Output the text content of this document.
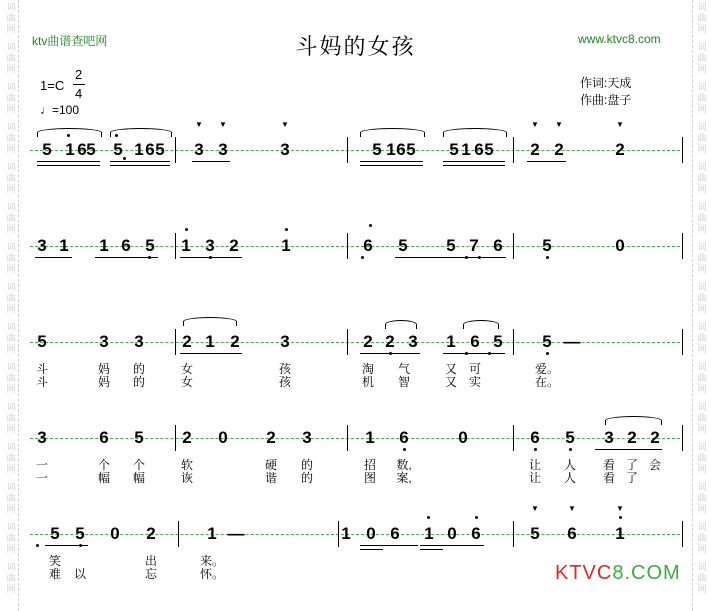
ktv曲谱查吧网	www.ktvc8.com
斗妈的女孩
1=C
2
4
♩=100
作词:天成
作曲:盘子
5 1 6 5 5 1 6 5 3 3	3	5 1 6 5 5 1 6 5 2 2	2
3 1 1 6 5 1 3 2	1	6 5 5 7 6 5	0
5	3 3 2 1 2 3	2 2 3 1 6 5 5 —
斗	妈 的	女	孩	淘 气	又 可	爱。
斗	妈 的	女	孩	机 智	又 实	在。
3	6 5 2 0 2 3	1 6	0	6 5 3 2 2
一	个 个	软	硬 的	招 数,	让 人 看 了 会
一	幅 幅	诙	谐 的	图 案,	让 人 看 了
5 5 0 2	1 —	1 0 6 1 0 6	5 6 1
笑	出	来。
难 以	忘	怀。
▼ ▼	▼	▼ ▼	▼
▼	▼	▼
KTVC8.COM
词
曲
网
词
曲
网
词
曲
网
词
曲
网
词
曲
网
词
曲
网
词
曲
网
词
曲
网
词
曲
网
词
曲
网
词
曲
网
词
曲
网
词
曲
网
词
曲
网
词
曲
网
词
曲
网
词
曲
网
词
曲
网
词
曲
网
词
曲
网
词
曲
网
词
曲
网
词
曲
网
词
曲
网
词
曲
网
词
曲
网
词
曲
网
词
曲
网
词
曲
网
词
曲
网
